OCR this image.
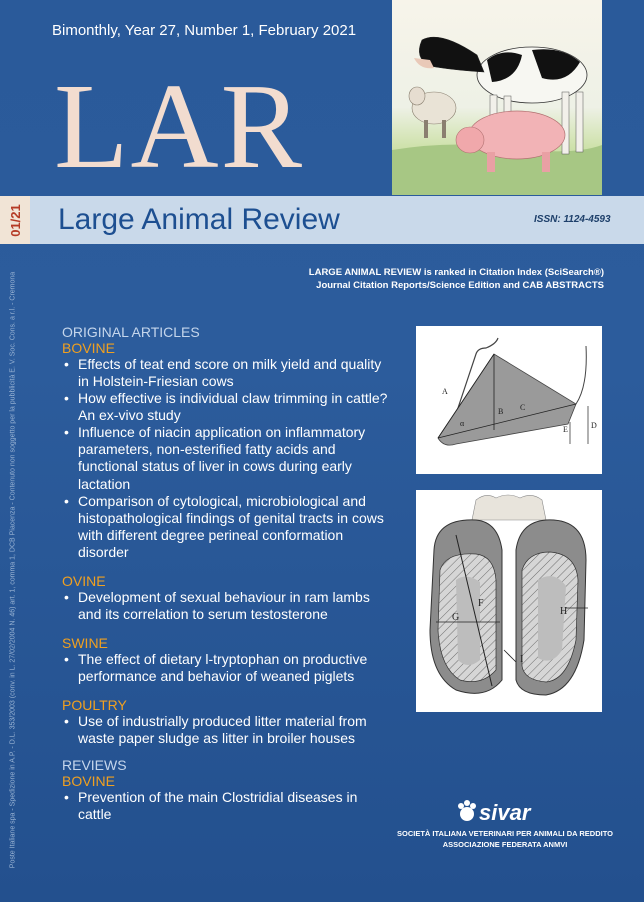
Bimonthly, Year 27, Number 1, February 2021
LAR
01/21 Large Animal Review	ISSN: 1124-4593
Poste Italiane spa - Spedizione in A.P. - D.L. 353/2003 (conv. in L. 27/02/2004 N. 46) art. 1, comma 1, DCB Piacenza - Contenuto non soggetto per la pubblicità E. V. Soc. Cons. a r.l. - Cremona	LARGE ANIMAL REVIEW is ranked in Citation Index (SciSearch®)
Journal Citation Reports/Science Edition and CAB ABSTRACTS
ORIGINAL ARTICLES
BOVINE
• Effects of teat end score on milk yield and quality in Holstein-Friesian cows
• How effective is individual claw trimming in cattle? An ex-vivo study
• Influence of niacin application on inflammatory parameters, non-esterified fatty acids and functional status of liver in cows during early lactation
• Comparison of cytological, microbiological and histopathological findings of genital tracts in cows with different degree perineal conformation disorder
OVINE
• Development of sexual behaviour in ram lambs and its correlation to serum testosterone
SWINE
• The effect of dietary l-tryptophan on productive performance and behavior of weaned piglets
POULTRY
• Use of industrially produced litter material from waste paper sludge as litter in broiler houses
REVIEWS
BOVINE
• Prevention of the main Clostridial diseases in cattle
A
B C
D
E
α
F
G
H
I
sivar
SOCIETÀ ITALIANA VETERINARI PER ANIMALI DA REDDITO
ASSOCIAZIONE FEDERATA ANMVI
